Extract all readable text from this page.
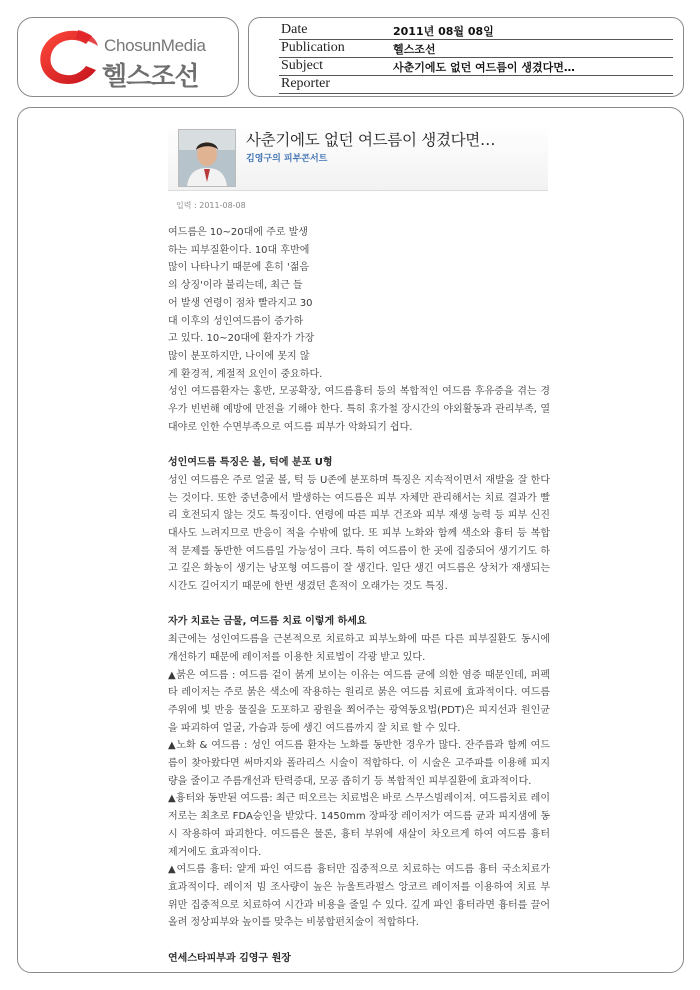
ChosunMedia
헬스조선
Date	2011년 08월 08일
Publication	헬스조선
Subject	사춘기에도 없던 여드름이 생겼다면…
Reporter
사춘기에도 없던 여드름이 생겼다면…
김영구의 피부콘서트
입력 : 2011-08-08

여드름은 10~20대에 주로 발생

하는 피부질환이다. 10대 후반에

많이 나타나기 때문에 흔히 '젊음

의 상징'이라 불리는데, 최근 들

어 발생 연령이 점차 빨라지고 30

대 이후의 성인여드름이 증가하

고 있다. 10~20대에 환자가 가장

많이 분포하지만, 나이에 못지 않

게 환경적, 계절적 요인이 중요하다.

성인 여드름환자는 홍반, 모공확장, 여드름흉터 등의 복합적인 여드름 후유증을 겪는 경우가 빈번해 예방에 만전을 기해야 한다. 특히 휴가철 장시간의 야외활동과 관리부족, 열대야로 인한 수면부족으로 여드름 피부가 악화되기 쉽다.

성인여드름 특징은 볼, 턱에 분포 U형

성인 여드름은 주로 얼굴 볼, 턱 등 U존에 분포하며 특징은 지속적이면서 재발을 잘 한다는 것이다. 또한 중년층에서 발생하는 여드름은 피부 자체만 관리해서는 치료 결과가 빨리 호전되지 않는 것도 특징이다. 연령에 따른 피부 건조와 피부 재생 능력 등 피부 신진대사도 느려지므로 반응이 적을 수밖에 없다. 또 피부 노화와 함께 색소와 흉터 등 복합적 문제를 동반한 여드름일 가능성이 크다. 특히 여드름이 한 곳에 집중되어 생기기도 하고 깊은 화농이 생기는 낭포형 여드름이 잘 생긴다. 일단 생긴 여드름은 상처가 재생되는 시간도 길어지기 때문에 한번 생겼던 흔적이 오래가는 것도 특징.

자가 치료는 금물, 여드름 치료 이렇게 하세요

최근에는 성인여드름을 근본적으로 치료하고 피부노화에 따른 다른 피부질환도 동시에 개선하기 때문에 레이저를 이용한 치료법이 각광 받고 있다.

▲붉은 여드름 : 여드름 겉이 붉게 보이는 이유는 여드름 균에 의한 염증 때문인데, 퍼펙타 레이저는 주로 붉은 색소에 작용하는 원리로 붉은 여드름 치료에 효과적이다. 여드름 주위에 빛 반응 물질을 도포하고 광원을 쬐어주는 광역동요법(PDT)은 피지선과 원인균을 파괴하여 얼굴, 가슴과 등에 생긴 여드름까지 잘 치료 할 수 있다.

▲노화 & 여드름 : 성인 여드름 환자는 노화를 동반한 경우가 많다. 잔주름과 함께 여드름이 찾아왔다면 써마지와 폴라리스 시술이 적합하다. 이 시술은 고주파를 이용해 피지량을 줄이고 주름개선과 탄력증대, 모공 좁히기 등 복합적인 피부질환에 효과적이다.

▲흉터와 동반된 여드름: 최근 떠오르는 치료법은 바로 스무스빔레이저. 여드름치료 레이저로는 최초로 FDA승인을 받았다. 1450mm 장파장 레이저가 여드름 균과 피지샘에 동시 작용하여 파괴한다. 여드름은 물론, 흉터 부위에 새살이 차오르게 하여 여드름 흉터 제거에도 효과적이다.

▲여드름 흉터: 얕게 파인 여드름 흉터만 집중적으로 치료하는 여드름 흉터 국소치료가 효과적이다. 레이저 빔 조사량이 높은 뉴울트라펄스 앙코르 레이저를 이용하여 치료 부위만 집중적으로 치료하여 시간과 비용을 줄일 수 있다. 깊게 파인 흉터라면 흉터를 끌어올려 정상피부와 높이를 맞추는 비봉합펀치술이 적합하다.

연세스타피부과 김영구 원장
